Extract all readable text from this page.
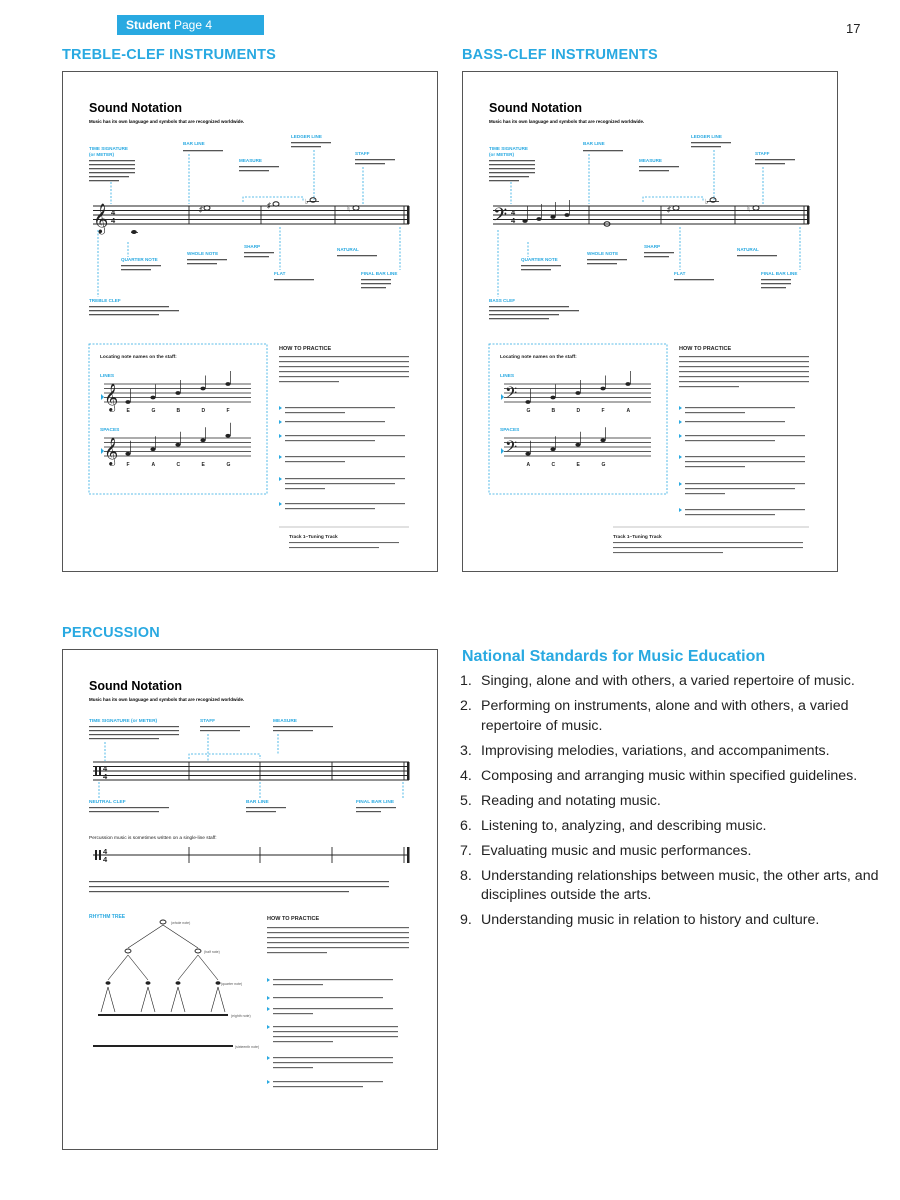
Student Page 4	17
TREBLE-CLEF INSTRUMENTS
Sound Notation
Music has its own language and symbols that are recognized worldwide.
TIME SIGNATURE
(or METER)
BAR LINE
MEASURE
LEDGER LINE
STAFF
QUARTER NOTE
WHOLE NOTE
SHARP
NATURAL
FLAT	FINAL BAR LINE
TREBLE CLEF
𝄞 4
4
♯	♯	♭
♮
Locating note names on the staff:
LINES
𝄞 E	G	B	D	F
SPACES
𝄞 F	A	C	E	G
HOW TO PRACTICE
Track 1–Tuning Track
BASS-CLEF INSTRUMENTS
Sound Notation
Music has its own language and symbols that are recognized worldwide.
TIME SIGNATURE
(or METER)
BAR LINE
MEASURE
LEDGER LINE
STAFF
QUARTER NOTE
WHOLE NOTE
SHARP
NATURAL
FLAT	FINAL BAR LINE
BASS CLEF
𝄢 4
4
♯
♭
♮
Locating note names on the staff:
LINES
𝄢
G	B	D	F	A
SPACES
𝄢
A	C	E	G
HOW TO PRACTICE
Track 1–Tuning Track
PERCUSSION
Sound Notation
Music has its own language and symbols that are recognized worldwide.
TIME SIGNATURE (or METER)	STAFF	MEASURE
NEUTRAL CLEF	BAR LINE	FINAL BAR LINE
4
4
Percussion music is sometimes written on a single-line staff:
4
4
RHYTHM TREE
(whole note)
(half note)
(quarter note)
(eighth note)
(sixteenth note)
HOW TO PRACTICE
National Standards for Music Education
1. Singing, alone and with others, a varied repertoire of music.
2. Performing on instruments, alone and with others, a varied repertoire of music.
3. Improvising melodies, variations, and accompaniments.
4. Composing and arranging music within specified guidelines.
5. Reading and notating music.
6. Listening to, analyzing, and describing music.
7. Evaluating music and music performances.
8. Understanding relationships between music, the other arts, and disciplines outside the arts.
9. Understanding music in relation to history and culture.
